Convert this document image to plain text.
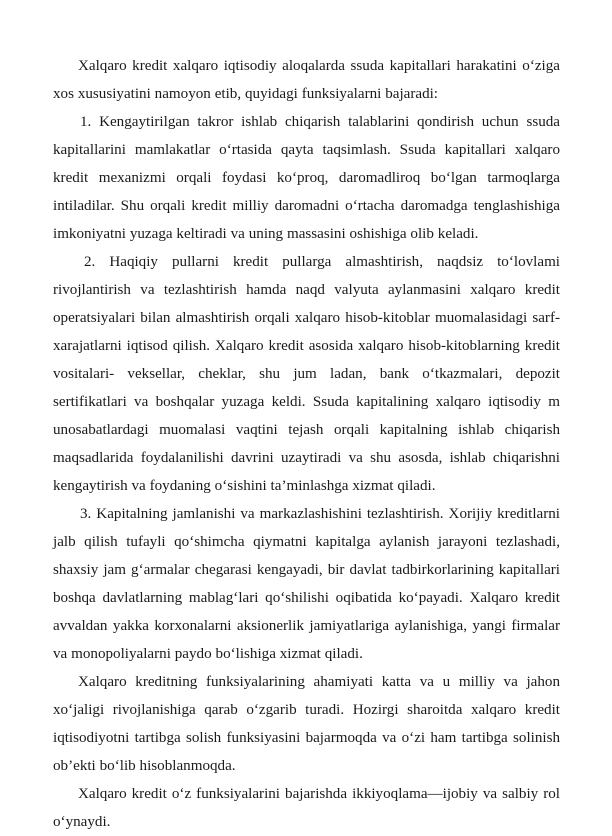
Xalqaro kredit xalqaro iqtisodiy aloqalarda ssuda kapitallari harakatini oʻziga xos xususiyatini namoyon etib, quyidagi funksiyalarni bajaradi:

1. Kengaytirilgan takror ishlab chiqarish talablarini qondirish uchun ssuda kapitallarini mamlakatlar oʻrtasida qayta taqsimlash. Ssuda kapitallari xalqaro kredit mexanizmi orqali foydasi koʻproq, daromadliroq boʻlgan tarmoqlarga intiladilar. Shu orqali kredit milliy daromadni oʻrtacha daromadga tenglashishiga imkoniyatni yuzaga keltiradi va uning massasini oshishiga olib keladi.

2. Haqiqiy pullarni kredit pullarga almashtirish, naqdsiz toʻlovlami rivojlantirish va tezlashtirish hamda naqd valyuta aylanmasini xalqaro kredit operatsiyalari bilan almashtirish orqali xalqaro hisob-kitoblar muomalasidagi sarf-xarajatlarni iqtisod qilish. Xalqaro kredit asosida xalqaro hisob-kitoblarning kredit vositalari- veksellar, cheklar, shu jum ladan, bank oʻtkazmalari, depozit sertifikatlari va boshqalar yuzaga keldi. Ssuda kapitalining xalqaro iqtisodiy m unosabatlardagi muomalasi vaqtini tejash orqali kapitalning ishlab chiqarish maqsadlarida foydalanilishi davrini uzaytiradi va shu asosda, ishlab chiqarishni kengaytirish va foydaning oʻsishini ta’minlashga xizmat qiladi.

3. Kapitalning jamlanishi va markazlashishini tezlashtirish. Xorijiy kreditlarni jalb qilish tufayli qoʻshimcha qiymatni kapitalga aylanish jarayoni tezlashadi, shaxsiy jam gʻarmalar chegarasi kengayadi, bir davlat tadbirkorlarining kapitallari boshqa davlatlarning mablagʻlari qoʻshilishi oqibatida koʻpayadi. Xalqaro kredit avvaldan yakka korxonalarni aksionerlik jamiyatlariga aylanishiga, yangi firmalar va monopoliyalarni paydo boʻlishiga xizmat qiladi.

Xalqaro kreditning funksiyalarining ahamiyati katta va u milliy va jahon xoʻjaligi rivojlanishiga qarab oʻzgarib turadi. Hozirgi sharoitda xalqaro kredit iqtisodiyotni tartibga solish funksiyasini bajarmoqda va oʻzi ham tartibga solinish ob’ekti boʻlib hisoblanmoqda.

Xalqaro kredit oʻz funksiyalarini bajarishda ikkiyoqlama—ijobiy va salbiy rol oʻynaydi.
